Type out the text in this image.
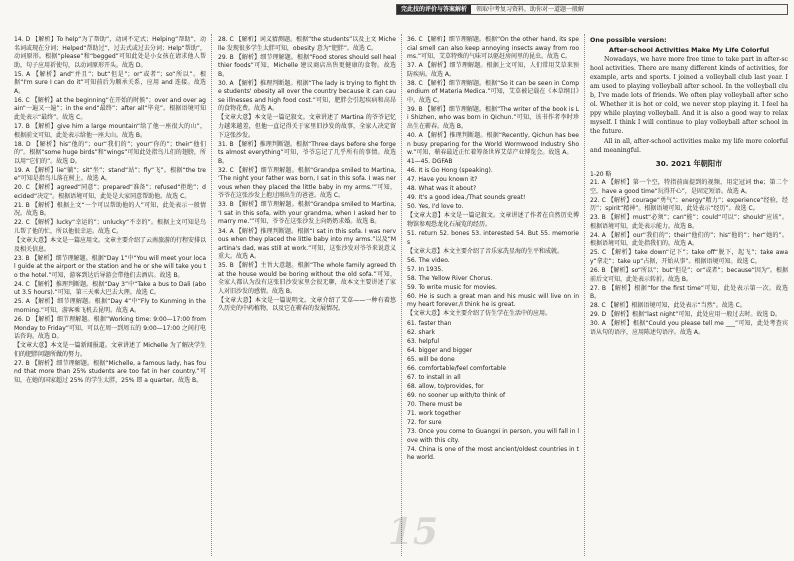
完此技的评价与答案解析	领取中考复习资料，助你对一道题一般解

14. D 【解析】To help“为了帮助”，动词不定式；Helping“帮助”，动名词或现在分词；Helped“帮助过”，过去式或过去分词；Help“帮助”，动词原形。根据“please”和“begged”可知此处是小女孩在请求他人帮助，句子应用祈使句，以动词原形开头。故选 D。

15. A 【解析】and“并且”；but“但是”；or“或者”；so“所以”。根据“I'm sure I can do it”可知前后为顺承关系，应用 and 连接。故选 A。

16. C 【解析】at the beginning“在开始的时候”；over and over again“一遍又一遍”；in the end“最终”；after all“毕竟”。根据语境可知此处表示“最终”。故选 C。

17. B 【解析】give him a large mountain“给了他一座很大的山”，根据前文可知，此处表示给他一座大山。故选 B。

18. D 【解析】his“他的”；our“我们的”；your“你的”；their“他们的”。根据“some huge birds”和“wings”可知此处指鸟儿们的翅膀，所以用“它们的”。故选 D。

19. A 【解析】lie“躺”；sit“坐”；stand“站”；fly“飞”。根据“the tree”可知是指鸟儿落在树上。故选 A。

20. C 【解析】agreed“同意”；prepared“准备”；refused“拒绝”；decided“决定”。根据语境可知，此处是大家同意帮助他。故选 C。

21. B 【解析】根据上文“一个可以帮助他的人”可知，此处表示一般情况。故选 B。

22. C 【解析】lucky“幸运的”；unlucky“不幸的”。根据上文可知是鸟儿帮了他的忙，所以他很幸运。故选 C。

【文章大意】本文是一篇应用文。文章主要介绍了云南旅游的行程安排以及相关信息。

23. B 【解析】细节理解题。根据“Day 1”中“You will meet your local guide at the airport or the station and he or she will take you to the hotel.”可知，游客到达后导游会带他们去酒店。故选 B。

24. C 【解析】推理判断题。根据“Day 3”中“Take a bus to Dali (about 3.5 hours).”可知，第三天乘大巴去大理。故选 C。

25. A 【解析】细节理解题。根据“Day 4”中“Fly to Kunming in the morning.”可知，游客乘飞机去昆明。故选 A。

26. D 【解析】细节理解题。根据“Working time: 9:00—17:00 from Monday to Friday”可知，可以在周一到周五的 9:00—17:00 之间打电话咨询。故选 D。

【文章大意】本文是一篇新闻报道。文章讲述了 Michelle 为了解决学生们的肥胖问题所做的努力。

27. B 【解析】细节理解题。根据“Michelle, a famous lady, has found that more than 25% students are too fat in her country.”可知，在她的国家超过 25% 的学生太胖，25% 即 a quarter。故选 B。

28. C 【解析】词义猜测题。根据“the students”以及上文 Michelle 发现很多学生太胖可知，obesity 意为“肥胖”。故选 C。

29. B 【解析】细节理解题。根据“Food stores should sell healthier foods”可知，Michelle 建议商店出售更健康的食物。故选 B。

30. A 【解析】推理判断题。根据“The lady is trying to fight the students' obesity all over the country because it can cause illnesses and high food cost.”可知，肥胖会引起疾病和高昂的食物花费。故选 A。

【文章大意】本文是一篇记叙文。文章讲述了 Martina 的爷爷记忆力越来越差，但他一直记得关于家里旧沙发的故事，全家人决定留下这张沙发。

31. B 【解析】推理判断题。根据“Three days before she forgets almost everything”可知，爷爷忘记了几乎所有的事情。故选 B。

32. C 【解析】细节理解题。根据“Grandpa smiled to Martina, ‘The night your father was born, I sat in this sofa. I was nervous when they placed the little baby in my arms.’”可知，爷爷在这张沙发上抱过刚出生的爸爸。故选 C。

33. B 【解析】细节理解题。根据“Grandpa smiled to Martina, ‘I sat in this sofa, with your grandma, when I asked her to marry me.’”可知，爷爷在这张沙发上向奶奶求婚。故选 B。

34. A 【解析】推理判断题。根据“I sat in this sofa. I was nervous when they placed the little baby into my arms.”以及“Martina's dad, was still at work.”可知，这张沙发对爷爷来说意义重大。故选 A。

35. B 【解析】主旨大意题。根据“The whole family agreed that the house would be boring without the old sofa.”可知，全家人都认为没有这张旧沙发家里会很无聊，故本文主要讲述了家人对旧沙发的感情。故选 B。

【文章大意】本文是一篇说明文。文章介绍了艾草——一种有着悠久历史的中药植物，以及它在蕲春的发展情况。

36. C 【解析】细节理解题。根据“On the other hand, its special smell can also keep annoying insects away from rooms.”可知，艾草特殊的气味可以驱赶房间里的昆虫。故选 C。

37. A 【解析】细节理解题。根据上文可知，人们常用艾草来预防疾病。故选 A。

38. C 【解析】细节理解题。根据“So it can be seen in Compendium of Materia Medica.”可知，艾草被记载在《本草纲目》中。故选 C。

39. B 【解析】细节理解题。根据“The writer of the book is Li Shizhen, who was born in Qichun.”可知，该书作者李时珍出生在蕲春。故选 B。

40. A 【解析】推理判断题。根据“Recently, Qichun has been busy preparing for the World Wormwood Industry Show.”可知，蕲春最近正忙着筹备世界艾草产业博览会。故选 A。

41—45. DGFAB

46. It is Go Hong (speaking).

47. Have you known it?

48. What was it about?

49. It's a good idea./That sounds great!

50. Yes, I'd love to.

【文章大意】本文是一篇记叙文。文章讲述了作者在自然历史博物馆参观恐龙化石展览的经历。

51. return 52. bones 53. interested 54. But 55. memories

【文章大意】本文主要介绍了音乐家冼星海的生平和成就。

56. The video.

57. In 1935.

58. The Yellow River Chorus.

59. To write music for movies.

60. He is such a great man and his music will live on in my heart forever./I think he is great.

【文章大意】本文主要介绍了仿生学在生活中的应用。

61. faster than

62. shark

63. helpful

64. bigger and bigger

65. will be done

66. comfortable/feel comfortable

67. to install in all

68. allow, to/provides, for

69. no sooner up with/to think of

70. There must be

71. work together

72. for sure

73. Once you come to Guangxi in person, you will fall in love with this city.

74. China is one of the most ancient/oldest countries in the world.

One possible version:
After-school Activities Make My Life Colorful

Nowadays, we have more free time to take part in after-school activities. There are many different kinds of activities, for example, arts and sports. I joined a volleyball club last year. I am used to playing volleyball after school. In the volleyball club, I've made lots of friends. We often play volleyball after school. Whether it is hot or cold, we never stop playing it. I feel happy while playing volleyball. And it is also a good way to relax myself. I think I will continue to play volleyball after school in the future.

All in all, after-school activities make my life more colorful and meaningful.

30. 2021 年朝阳市
1-20 略

21. A 【解析】第一个空，特指前面提到的视频，用定冠词 the；第二个空，have a good time“玩得开心”，是固定短语。故选 A。

22. C 【解析】courage“勇气”；energy“精力”；experience“经验，经历”；spirit“精神”。根据语境可知，此处表示“经历”。故选 C。

23. B 【解析】must“必须”；can“能”；could“可以”；should“应该”。根据语境可知，此处表示能力。故选 B。

24. A 【解析】our“我们的”；their“他们的”；his“他的”；her“她的”。根据语境可知，此处指我们的。故选 A。

25. C 【解析】take down“记下”；take off“脱下，起飞”；take away“拿走”；take up“占据，开始从事”。根据语境可知。故选 C。

26. B 【解析】so“所以”；but“但是”；or“或者”；because“因为”。根据前后文可知，此处表示转折。故选 B。

27. B 【解析】根据“for the first time”可知，此处表示第一次。故选 B。

28. C 【解析】根据语境可知，此处表示“当然”。故选 C。

29. D 【解析】根据“last night”可知，此处应用一般过去时。故选 D。

30. A 【解析】根据“Could you please tell me ___”可知，此处考查宾语从句的语序，应用陈述句语序。故选 A。

15
